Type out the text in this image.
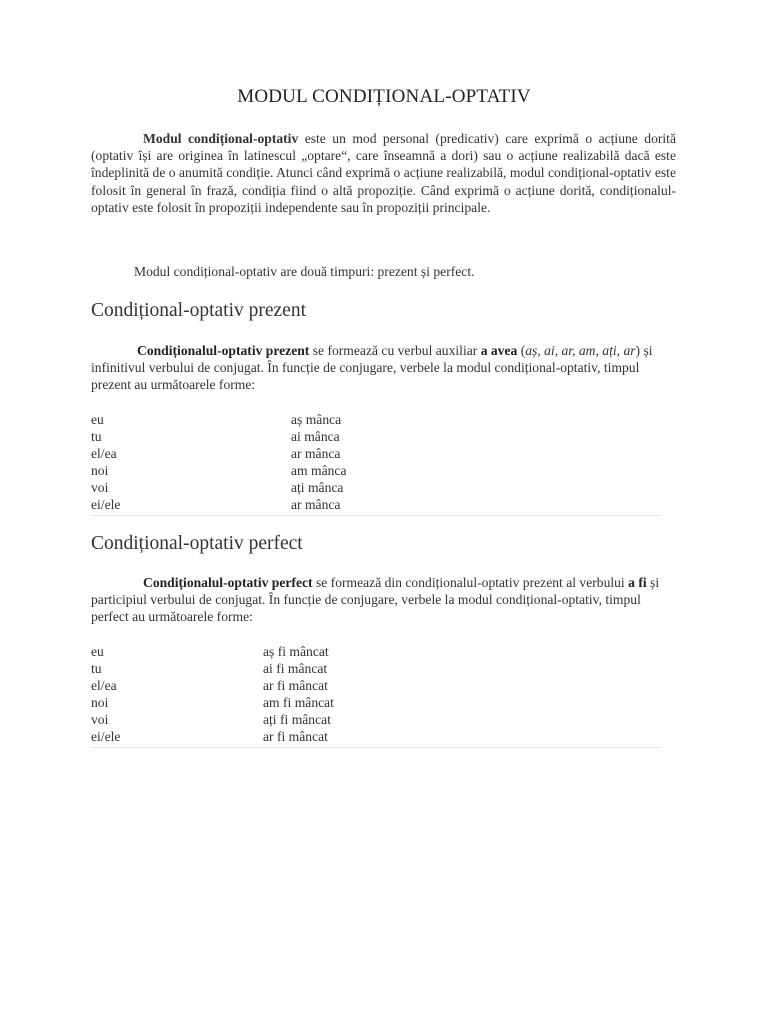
MODUL CONDIȚIONAL-OPTATIV
Modul condițional-optativ este un mod personal (predicativ) care exprimă o acțiune dorită (optativ își are originea în latinescul „optare“, care înseamnă a dori) sau o acțiune realizabilă dacă este îndeplinită de o anumită condiție. Atunci când exprimă o acțiune realizabilă, modul condițional-optativ este folosit în general în frază, condiția fiind o altă propoziție. Când exprimă o acțiune dorită, condiționalul-optativ este folosit în propoziții independente sau în propoziții principale.
Modul condițional-optativ are două timpuri: prezent și perfect.
Condițional-optativ prezent
Condiționalul-optativ prezent se formează cu verbul auxiliar a avea (aș, ai, ar, am, ați, ar) și infinitivul verbului de conjugat. În funcție de conjugare, verbele la modul condițional-optativ, timpul prezent au următoarele forme:
eu	aș mânca
tu	ai mânca
el/ea	ar mânca
noi	am mânca
voi	ați mânca
ei/ele	ar mânca
Condițional-optativ perfect
Condiționalul-optativ perfect se formează din condiționalul-optativ prezent al verbului a fi și participiul verbului de conjugat. În funcție de conjugare, verbele la modul condițional-optativ, timpul perfect au următoarele forme:
eu	aș fi mâncat
tu	ai fi mâncat
el/ea	ar fi mâncat
noi	am fi mâncat
voi	ați fi mâncat
ei/ele	ar fi mâncat
